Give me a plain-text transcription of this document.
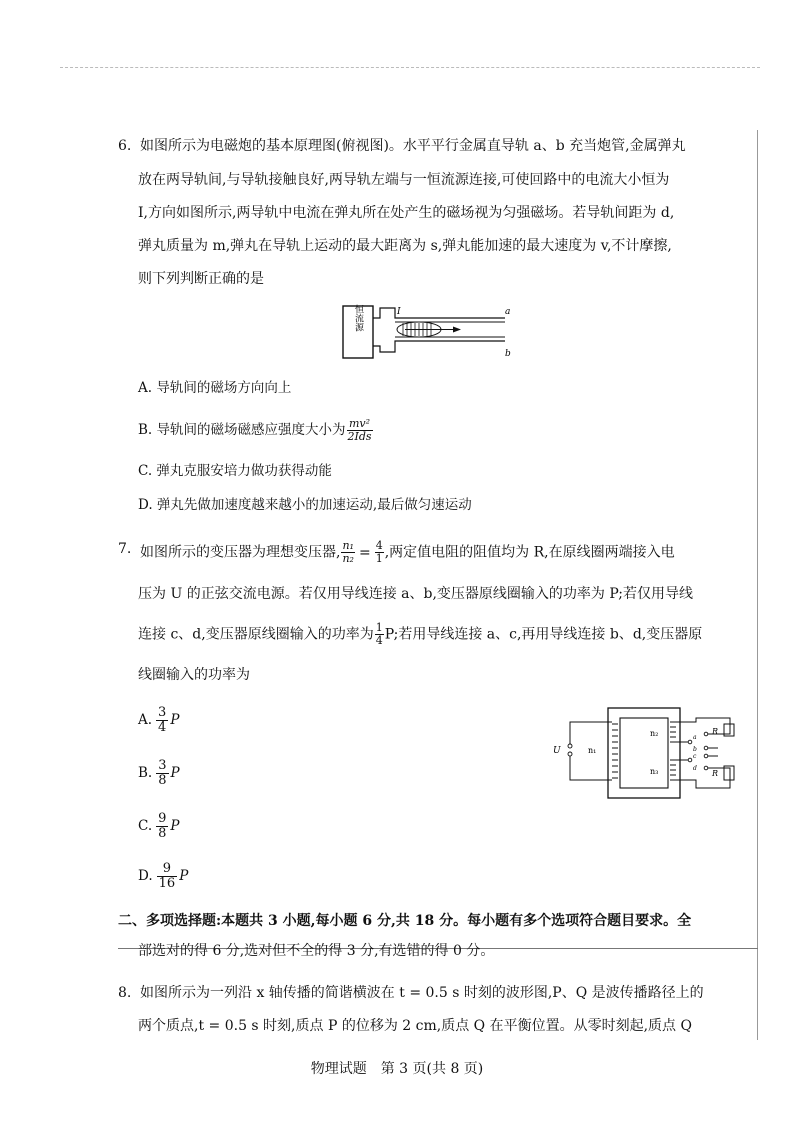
6. 如图所示为电磁炮的基本原理图(俯视图)。水平平行金属直导轨 a、b 充当炮管,金属弹丸
放在两导轨间,与导轨接触良好,两导轨左端与一恒流源连接,可使回路中的电流大小恒为
I,方向如图所示,两导轨中电流在弹丸所在处产生的磁场视为匀强磁场。若导轨间距为 d,
弹丸质量为 m,弹丸在导轨上运动的最大距离为 s,弹丸能加速的最大速度为 v,不计摩擦,
则下列判断正确的是
恒流源	I	a
b
A. 导轨间的磁场方向向上
B. 导轨间的磁场磁感应强度大小为 $\frac{\text{mv²}}{\text{2Ids}}$
C. 弹丸克服安培力做功获得动能
D. 弹丸先做加速度越来越小的加速运动,最后做匀速运动
7. 如图所示的变压器为理想变压器, $\frac{\text{n₁}}{\text{n₂}} = \frac{4}{1}$ ,两定值电阻的阻值均为 R,在原线圈两端接入电
压为 U 的正弦交流电源。若仅用导线连接 a、b,变压器原线圈输入的功率为 P;若仅用导线
连接 c、d,变压器原线圈输入的功率为 $\frac{1}{4} P$;若用导线连接 a、c,再用导线连接 b、d,变压器原
线圈输入的功率为
A. $\frac{3}{4}$ P
B. $\frac{3}{8}$ P
C. $\frac{9}{8}$ P
D. $\frac{9}{16}$ P
U	n₁
n₂
n₃
R
R
a
b
c
d
二、多项选择题:本题共 3 小题,每小题 6 分,共 18 分。每小题有多个选项符合题目要求。全
部选对的得 6 分,选对但不全的得 3 分,有选错的得 0 分。
8. 如图所示为一列沿 x 轴传播的简谐横波在 t = 0.5 s 时刻的波形图,P、Q 是波传播路径上的
两个质点,t = 0.5 s 时刻,质点 P 的位移为 2 cm,质点 Q 在平衡位置。从零时刻起,质点 Q
物理试题　第 3 页(共 8 页)
